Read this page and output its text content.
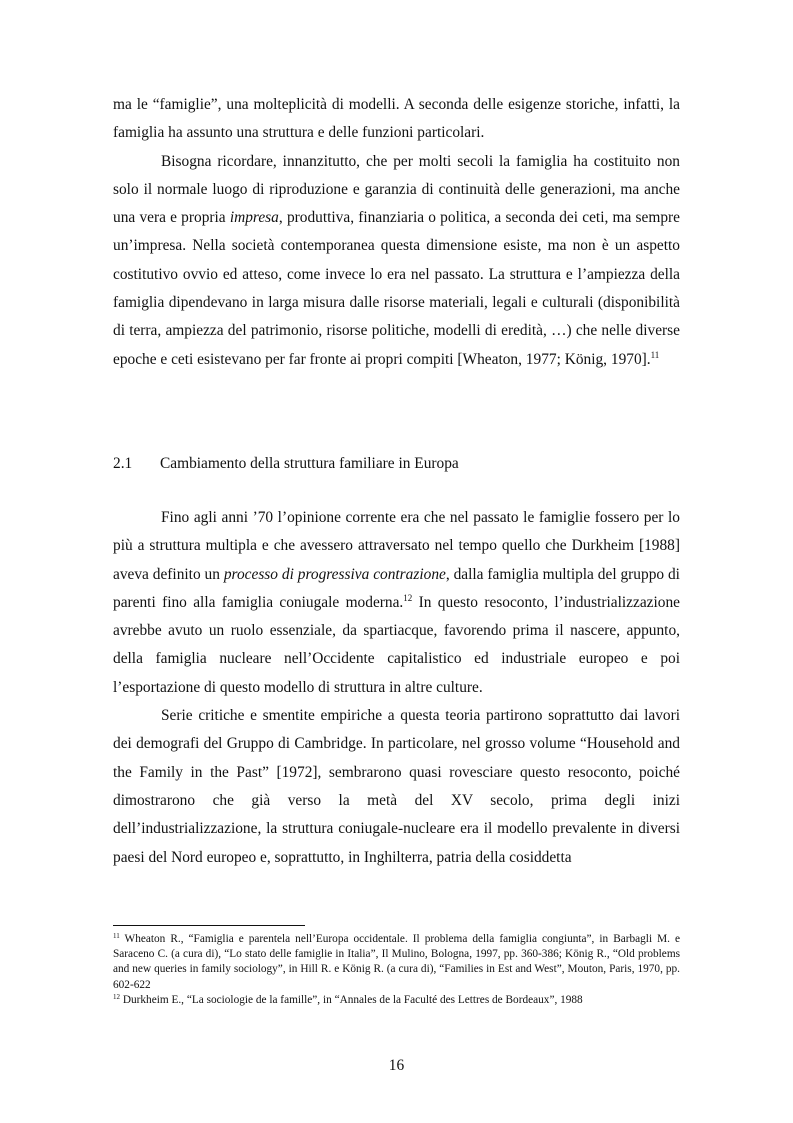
ma le “famiglie”, una molteplicità di modelli. A seconda delle esigenze storiche, infatti, la famiglia ha assunto una struttura e delle funzioni particolari.

Bisogna ricordare, innanzitutto, che per molti secoli la famiglia ha costituito non solo il normale luogo di riproduzione e garanzia di continuità delle generazioni, ma anche una vera e propria impresa, produttiva, finanziaria o politica, a seconda dei ceti, ma sempre un’impresa. Nella società contemporanea questa dimensione esiste, ma non è un aspetto costitutivo ovvio ed atteso, come invece lo era nel passato. La struttura e l’ampiezza della famiglia dipendevano in larga misura dalle risorse materiali, legali e culturali (disponibilità di terra, ampiezza del patrimonio, risorse politiche, modelli di eredità, …) che nelle diverse epoche e ceti esistevano per far fronte ai propri compiti [Wheaton, 1977; König, 1970].$^{11}$

2.1 Cambiamento della struttura familiare in Europa

Fino agli anni ’70 l’opinione corrente era che nel passato le famiglie fossero per lo più a struttura multipla e che avessero attraversato nel tempo quello che Durkheim [1988] aveva definito un processo di progressiva contrazione, dalla famiglia multipla del gruppo di parenti fino alla famiglia coniugale moderna.$^{12}$ In questo resoconto, l’industrializzazione avrebbe avuto un ruolo essenziale, da spartiacque, favorendo prima il nascere, appunto, della famiglia nucleare nell’Occidente capitalistico ed industriale europeo e poi l’esportazione di questo modello di struttura in altre culture.

Serie critiche e smentite empiriche a questa teoria partirono soprattutto dai lavori dei demografi del Gruppo di Cambridge. In particolare, nel grosso volume “Household and the Family in the Past” [1972], sembrarono quasi rovesciare questo resoconto, poiché dimostrarono che già verso la metà del XV secolo, prima degli inizi dell’industrializzazione, la struttura coniugale-nucleare era il modello prevalente in diversi paesi del Nord europeo e, soprattutto, in Inghilterra, patria della cosiddetta

$^{11}$ Wheaton R., “Famiglia e parentela nell’Europa occidentale. Il problema della famiglia congiunta”, in Barbagli M. e Saraceno C. (a cura di), “Lo stato delle famiglie in Italia”, Il Mulino, Bologna, 1997, pp. 360-386; König R., “Old problems and new queries in family sociology”, in Hill R. e König R. (a cura di), “Families in Est and West”, Mouton, Paris, 1970, pp. 602-622

$^{12}$ Durkheim E., “La sociologie de la famille”, in “Annales de la Faculté des Lettres de Bordeaux”, 1988

16
